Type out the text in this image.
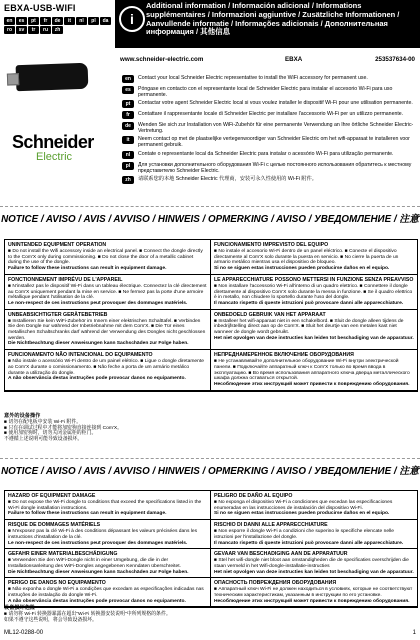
EBXA-USB-WIFI
en	es	pt	fr	de	it	nl	pl	da
ro	sv	tr	ru	zh
Schneider
Electric
i
Additional information / Información adicional / Informations supplémentaires / Informazioni aggiuntive / Zusätzliche Informationen / Aanvullende informatie / Informações adicionais / Дополнительная информация / 其他信息
www.schneider-electric.com	EBXA	253537634-00
en	Contact your local Schneider Electric representative to install the WiFi accessory for permanent use.
es	Póngase en contacto con el representante local de Schneider Electric para instalar el accesorio Wi-Fi para uso permanente.
pt	Contactar votre agent Schneider Electric local si vous voulez installer le dispositif Wi-Fi pour une utilisation permanente.
fr	Contattare il rappresentante locale di Schneider Electric per installare l'accessorio Wi-Fi per un utilizzo permanente.
de	Wenden Sie sich zur Installation von WiFi-Zubehör für eine permanente Verwendung an Ihre örtliche Schneider Electric-Vertretung.
it	Neem contact op met de plaatselijke vertegenwoordiger van Schneider Electric om het wifi-apparaat te installeren voor permanent gebruik.
nl	Contate o representante local da Schneider Electric para instalar o acessório Wi-Fi para utilização permanente.
pl	Для установки дополнительного оборудования Wi-Fi с целью постоянного использования обратитесь к местному представителю Schneider Electric.
zh	请联系您的本地 Schneider Electric 代理商，安装可永久性使用的 Wi-Fi 附件。
NOTICE / AVISO / AVIS / AVVISO / HINWEIS / OPMERKING / AVISO / УВЕДОМЛЕНИЕ / 注意
UNINTENDED EQUIPMENT OPERATION

■ Do not install the Wifi accessory inside an electrical panel. ■ Connect the dongle directly to the Com'X only during commissioning. ■ Do not close the door of a metallic cabinet during the use of the dongle.

Failure to follow these instructions can result in equipment damage.

FUNCIONAMIENTO IMPREVISTO DEL EQUIPO

■ No instale el accesorio Wi-Fi dentro de un panel eléctrico. ■ Conecte el dispositivo directamente al Com'X solo durante la puesta en servicio. ■ No cierre la puerta de un armario metálico mientras usa el dispositivo de bloqueo.

Si no se siguen estas instrucciones pueden producirse daños en el equipo.

FONCTIONNEMENT IMPRÉVU DE L'APPAREIL

■ N'installez pas le dispositif Wi-Fi dans un tableau électrique. Connectez la clé directement au Com'X uniquement pendant la mise en service. ■ Ne fermez pas la porte d'une armoire métallique pendant l'utilisation de la clé.

Le non-respect de ces instructions peut provoquer des dommages matériels.

LE APPARECCHIATURE POSSONO METTERSI IN FUNZIONE SENZA PREAVVISO

■ Non installare l'accessorio Wi-Fi all'interno di un quadro elettrico. ■ Connettere il dongle direttamente al dispositivo Com'X solo durante la messa in funzione. ■ Se il quadro elettrico è in metallo, non chiudere lo sportello durante l'uso del dongle.

Il mancato rispetto di queste istruzioni può provocare danni alle apparecchiature.

UNBEABSICHTIGTER GERÄTEBETRIEB

■ Installieren Sie kein WiFi-Zubehör im Innern einer elektrischen Schalttafel. ■ Verbinden Sie den Dongle nur während der Inbetriebnahme mit dem Com'X. ■ Die Tür eines metallischen Schaltschranks darf während der Verwendung des Dongles nicht geschlossen werden.

Die Nichtbeachtung dieser Anweisungen kann Sachschäden zur Folge haben.

ONBEDOELD GEBRUIK VAN HET APPARAAT

■ Installeer het wifi-apparaat niet in een schakelbord. ■ Sluit de dongle alleen tijdens de inbedrijfstelling direct aan op de Com'X. ■ Sluit het deurtje van een metalen kast niet wanneer de dongle wordt gebruikt.

Het niet opvolgen van deze instructies kan leiden tot beschadiging van de apparatuur.

FUNCIONAMENTO NÃO INTENCIONAL DO EQUIPAMENTO

■ Não instale o acessório Wi-Fi dentro de um painel elétrico. ■ Ligue o dongle diretamente ao Com'X durante o comissionamento. ■ Não feche a porta de um armário metálico durante a utilização do dongle.

A não observância destas instruções pode provocar danos no equipamento.

НЕПРЕДНАМЕРЕННОЕ ВКЛЮЧЕНИЕ ОБОРУДОВАНИЯ

■ Не устанавливайте дополнительное оборудование Wi-Fi внутри электрической панели. ■ Подключайте аппаратный ключ к Com'X только во время ввода в эксплуатацию. ■ Во время использования аппаратного ключа дверца металлического шкафа должна оставаться открытой.

Несоблюдение этих инструкций может привести к повреждению оборудования.

意外的设备操作
■ 切勿在配电板中安装 Wi-Fi 附件。
■ 只有在调试过程中才能将加密狗直接连接到 Com'X。
■ 使用加密狗时，切勿关闭金属柜的柜门。
不遵循上述说明可能导致设备损坏。
NOTICE / AVISO / AVIS / AVVISO / HINWEIS / OPMERKING / AVISO / УВЕДОМЛЕНИЕ / 注意
HAZARD OF EQUIPMENT DAMAGE

■ Do not expose the Wi-Fi dongle to conditions that exceed the specifications listed in the Wi-Fi dongle installation instructions.

Failure to follow these instructions can result in equipment damage.

PELIGRO DE DAÑO AL EQUIPO

■ No exponga el dispositivo Wi-Fi a condiciones que excedan las especificaciones enumeradas en las instrucciones de instalación del dispositivo Wi-Fi.

Si no se siguen estas instrucciones pueden producirse daños en el equipo.

RISQUE DE DOMMAGES MATÉRIELS

■ N'exposez pas la clé Wi-Fi à des conditions dépassant les valeurs précisées dans les instructions d'installation de la clé.

Le non-respect de ces instructions peut provoquer des dommages matériels.

RISCHIO DI DANNI ALLE APPARECCHIATURE

■ Non esporre il dongle Wi-Fi a condizioni che superino le specifiche elencate nelle istruzioni per l'installazione del dongle.

Il mancato rispetto di queste istruzioni può provocare danni alle apparecchiature.

GEFAHR EINER MATERIALBESCHÄDIGUNG

■ Verwenden Sie den WiFi-Dongle nicht in einer Umgebung, die die in der Installationsanleitung des WiFi-Dongles angegebenen Kenndaten überschreitet.

Die Nichtbeachtung dieser Anweisungen kann Sachschäden zur Folge haben.

GEVAAR VAN BESCHADIGING AAN DE APPARATUUR

■ Stel het wifi-dongle niet bloot aan omstandigheden die de specificaties overschrijden die staan vermeld in het Wifi-dongle-installatie-instructies

Het niet opvolgen van deze instructies kan leiden tot beschadiging van de apparatuur.

PERIGO DE DANOS NO EQUIPAMENTO

■ Não exponha o dongle Wi-Fi a condições que excedam as especificações indicadas nas instruções de instalação do dongle Wi-Fi.

A não observância destas instruções pode provocar danos no equipamento.

ОПАСНОСТЬ ПОВРЕЖДЕНИЯ ОБОРУДОВАНИЯ

■ Аппаратный ключ Wi-Fi не должен находиться в условиях, которые не соответствуют техническим характеристикам, указанным в инструкции по его установке.

Несоблюдение этих инструкций может привести к повреждению оборудования.

设备损坏危险
■ 请勿将 Wi-Fi 转换器暴露在超出"Wi-Fi 转换器安装说明"中所列规格的条件。
如果不遵守这些说明，将会导致设备损坏。
ML12-0288-00	1
